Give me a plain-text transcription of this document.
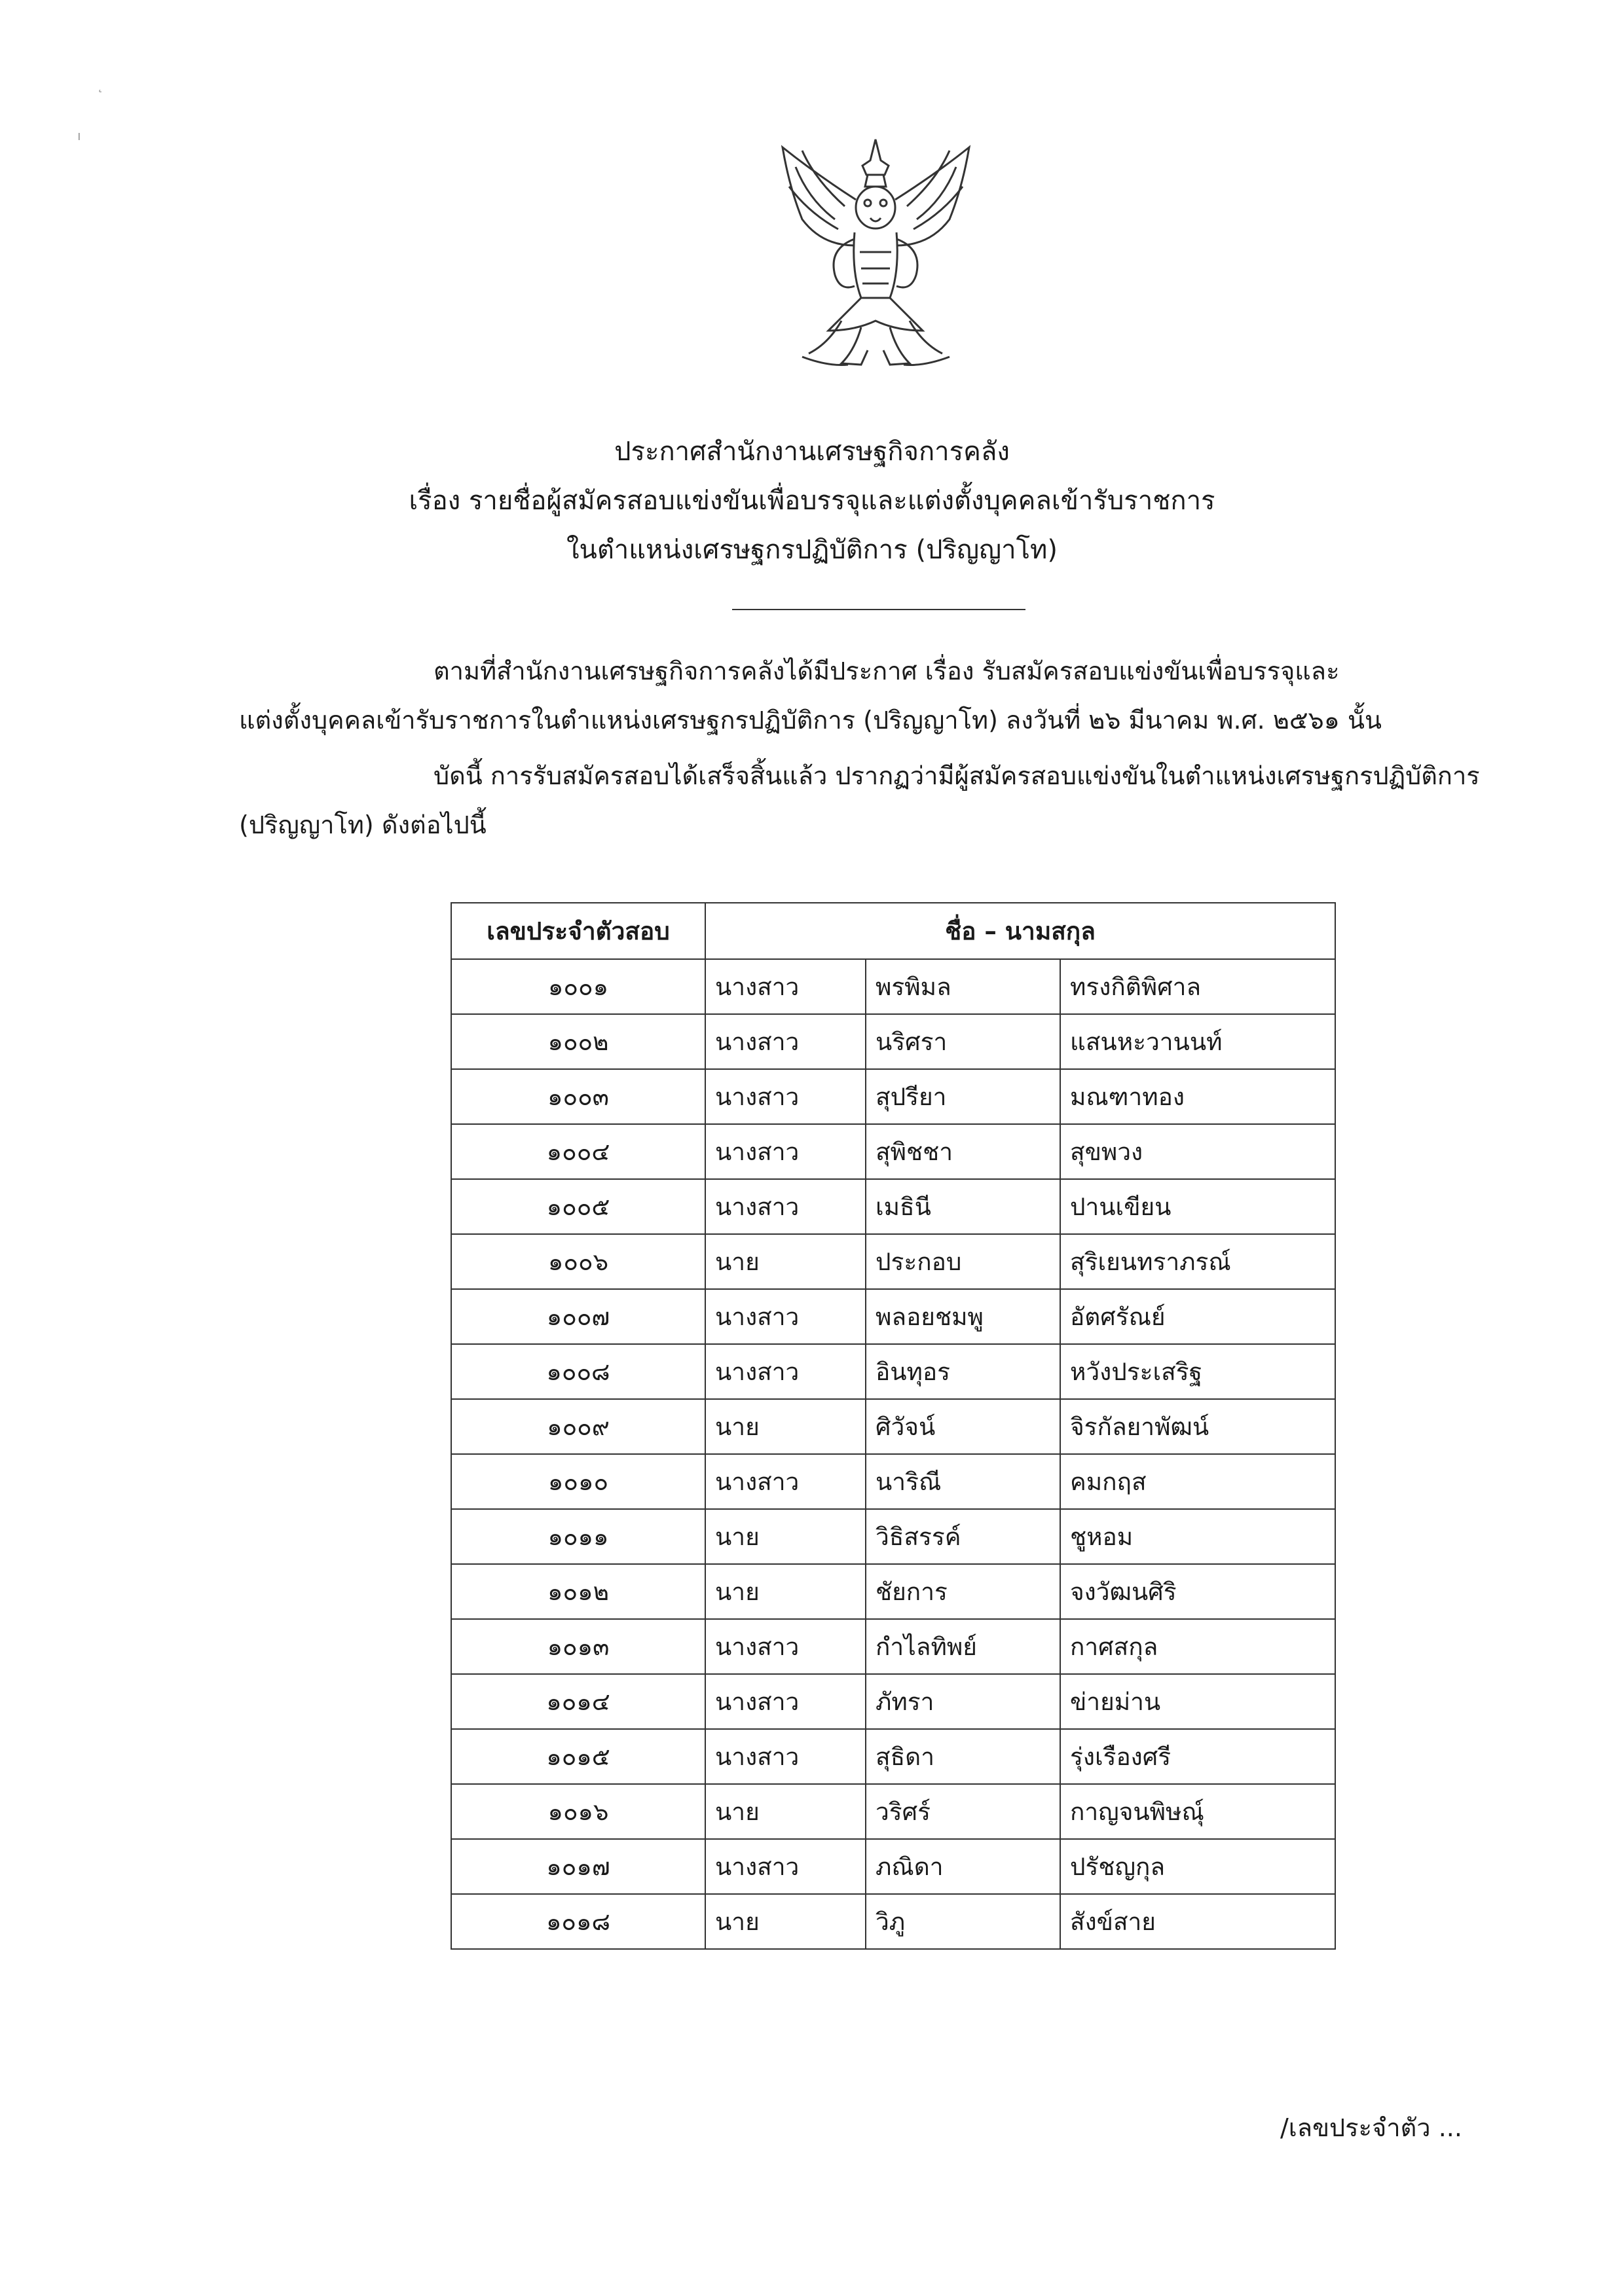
˛
ı
ประกาศสำนักงานเศรษฐกิจการคลัง
เรื่อง รายชื่อผู้สมัครสอบแข่งขันเพื่อบรรจุและแต่งตั้งบุคคลเข้ารับราชการ
ในตำแหน่งเศรษฐกรปฏิบัติการ (ปริญญาโท)
ตามที่สำนักงานเศรษฐกิจการคลังได้มีประกาศ เรื่อง รับสมัครสอบแข่งขันเพื่อบรรจุและ
แต่งตั้งบุคคลเข้ารับราชการในตำแหน่งเศรษฐกรปฏิบัติการ (ปริญญาโท) ลงวันที่ ๒๖ มีนาคม พ.ศ. ๒๕๖๑ นั้น
บัดนี้ การรับสมัครสอบได้เสร็จสิ้นแล้ว ปรากฏว่ามีผู้สมัครสอบแข่งขันในตำแหน่งเศรษฐกรปฏิบัติการ
(ปริญญาโท) ดังต่อไปนี้
เลขประจำตัวสอบ	ชื่อ – นามสกุล		
๑๐๐๑	นางสาว	พรพิมล	ทรงกิติพิศาล
๑๐๐๒	นางสาว	นริศรา	แสนหะวานนท์
๑๐๐๓	นางสาว	สุปรียา	มณฑาทอง
๑๐๐๔	นางสาว	สุพิชชา	สุขพวง
๑๐๐๕	นางสาว	เมธินี	ปานเขียน
๑๐๐๖	นาย	ประกอบ	สุริเยนทราภรณ์
๑๐๐๗	นางสาว	พลอยชมพู	อัตศรัณย์
๑๐๐๘	นางสาว	อินทุอร	หวังประเสริฐ
๑๐๐๙	นาย	ศิวัจน์	จิรกัลยาพัฒน์
๑๐๑๐	นางสาว	นาริณี	คมกฤส
๑๐๑๑	นาย	วิธิสรรค์	ชูหอม
๑๐๑๒	นาย	ชัยการ	จงวัฒนศิริ
๑๐๑๓	นางสาว	กำไลทิพย์	กาศสกุล
๑๐๑๔	นางสาว	ภัทรา	ข่ายม่าน
๑๐๑๕	นางสาว	สุธิดา	รุ่งเรืองศรี
๑๐๑๖	นาย	วริศร์	กาญจนพิษณุ์
๑๐๑๗	นางสาว	ภณิดา	ปรัชญกุล
๑๐๑๘	นาย	วิภู	สังข์สาย
/เลขประจำตัว ...
